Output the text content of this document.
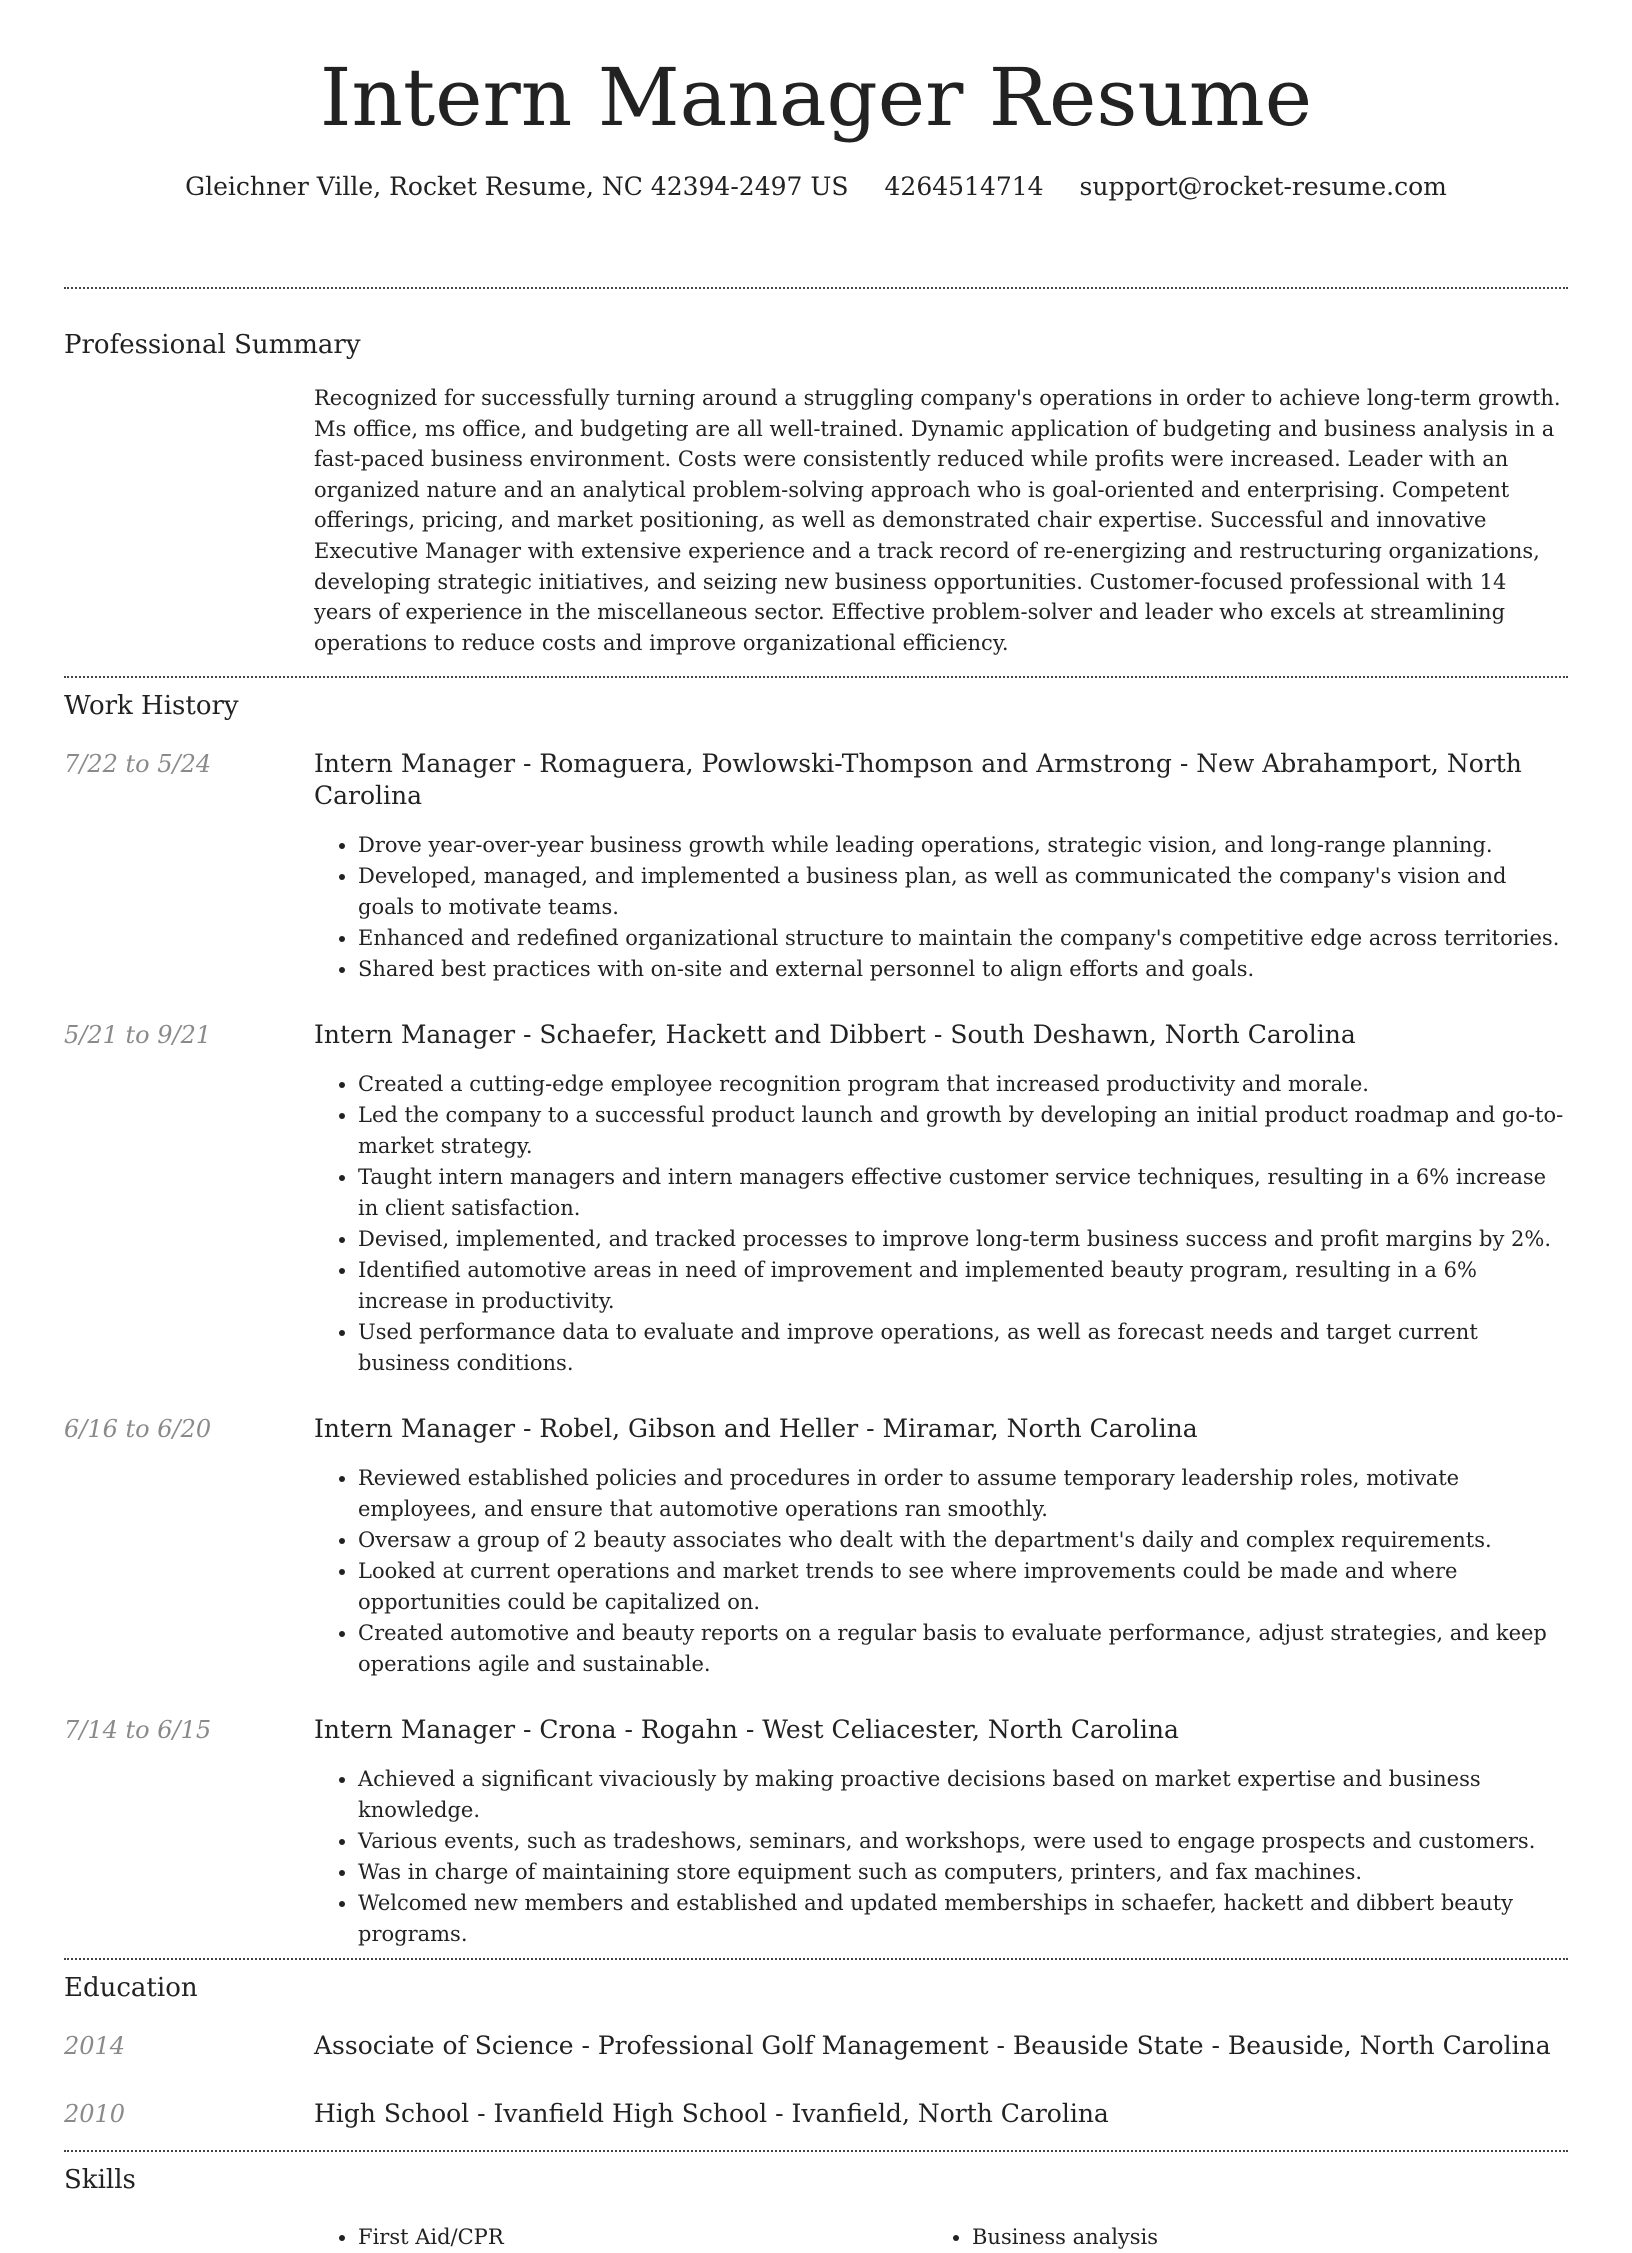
Intern Manager Resume
Gleichner Ville, Rocket Resume, NC 42394-2497 US 4264514714 support@rocket-resume.com
Professional Summary
Recognized for successfully turning around a struggling company's operations in order to achieve long-term growth. Ms office, ms office, and budgeting are all well-trained. Dynamic application of budgeting and business analysis in a fast-paced business environment. Costs were consistently reduced while profits were increased. Leader with an organized nature and an analytical problem-solving approach who is goal-oriented and enterprising. Competent offerings, pricing, and market positioning, as well as demonstrated chair expertise. Successful and innovative Executive Manager with extensive experience and a track record of re-energizing and restructuring organizations, developing strategic initiatives, and seizing new business opportunities. Customer-focused professional with 14 years of experience in the miscellaneous sector. Effective problem-solver and leader who excels at streamlining operations to reduce costs and improve organizational efficiency.
Work History
7/22 to 5/24	Intern Manager - Romaguera, Powlowski-Thompson and Armstrong - New Abrahamport, North Carolina
• Drove year-over-year business growth while leading operations, strategic vision, and long-range planning.
• Developed, managed, and implemented a business plan, as well as communicated the company's vision and goals to motivate teams.
• Enhanced and redefined organizational structure to maintain the company's competitive edge across territories.
• Shared best practices with on-site and external personnel to align efforts and goals.
5/21 to 9/21	Intern Manager - Schaefer, Hackett and Dibbert - South Deshawn, North Carolina
• Created a cutting-edge employee recognition program that increased productivity and morale.
• Led the company to a successful product launch and growth by developing an initial product roadmap and go-to-market strategy.
• Taught intern managers and intern managers effective customer service techniques, resulting in a 6% increase in client satisfaction.
• Devised, implemented, and tracked processes to improve long-term business success and profit margins by 2%.
• Identified automotive areas in need of improvement and implemented beauty program, resulting in a 6% increase in productivity.
• Used performance data to evaluate and improve operations, as well as forecast needs and target current business conditions.
6/16 to 6/20	Intern Manager - Robel, Gibson and Heller - Miramar, North Carolina
• Reviewed established policies and procedures in order to assume temporary leadership roles, motivate employees, and ensure that automotive operations ran smoothly.
• Oversaw a group of 2 beauty associates who dealt with the department's daily and complex requirements.
• Looked at current operations and market trends to see where improvements could be made and where opportunities could be capitalized on.
• Created automotive and beauty reports on a regular basis to evaluate performance, adjust strategies, and keep operations agile and sustainable.
7/14 to 6/15	Intern Manager - Crona - Rogahn - West Celiacester, North Carolina
• Achieved a significant vivaciously by making proactive decisions based on market expertise and business knowledge.
• Various events, such as tradeshows, seminars, and workshops, were used to engage prospects and customers.
• Was in charge of maintaining store equipment such as computers, printers, and fax machines.
• Welcomed new members and established and updated memberships in schaefer, hackett and dibbert beauty programs.
Education
2014	Associate of Science - Professional Golf Management - Beauside State - Beauside, North Carolina
2010	High School - Ivanfield High School - Ivanfield, North Carolina
Skills
• First Aid/CPR
•	Business analysis
